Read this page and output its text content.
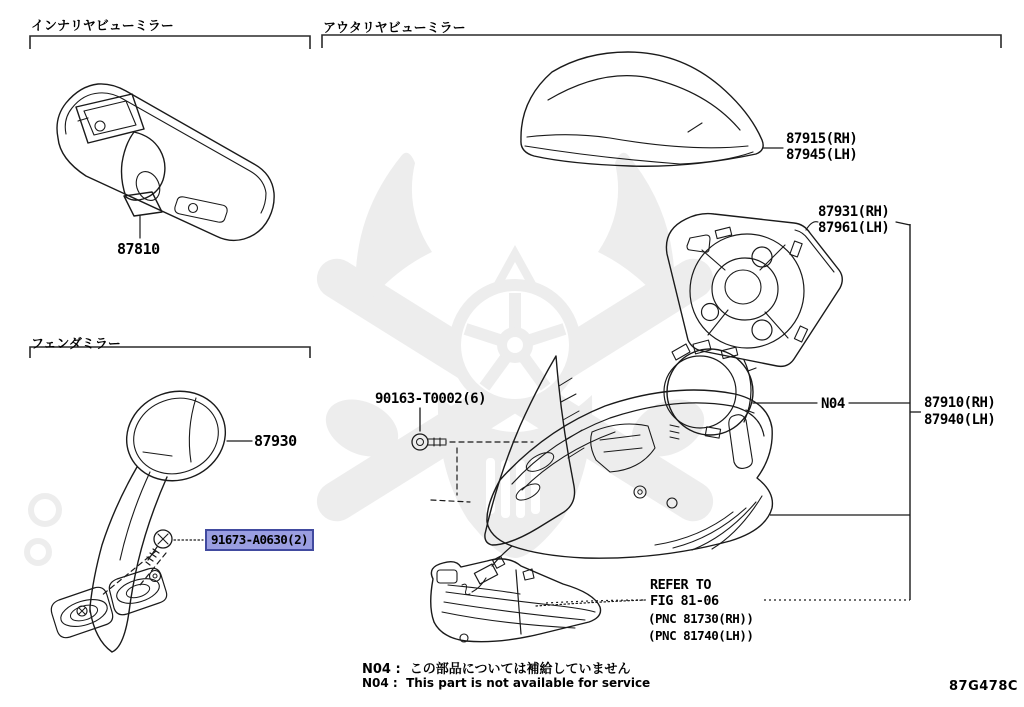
インナリヤビューミラー	アウタリヤビューミラー
フェンダミラー
87810
87930
91673-A0630(2)
90163-T0002(6)
87915(RH)
87945(LH)
87931(RH)
87961(LH)
N04	87910(RH)
87940(LH)
REFER TO
FIG 81-06
(PNC 81730(RH))
(PNC 81740(LH))
N04 :  この部品については補給していません
N04 :  This part is not available for service	87G478C
